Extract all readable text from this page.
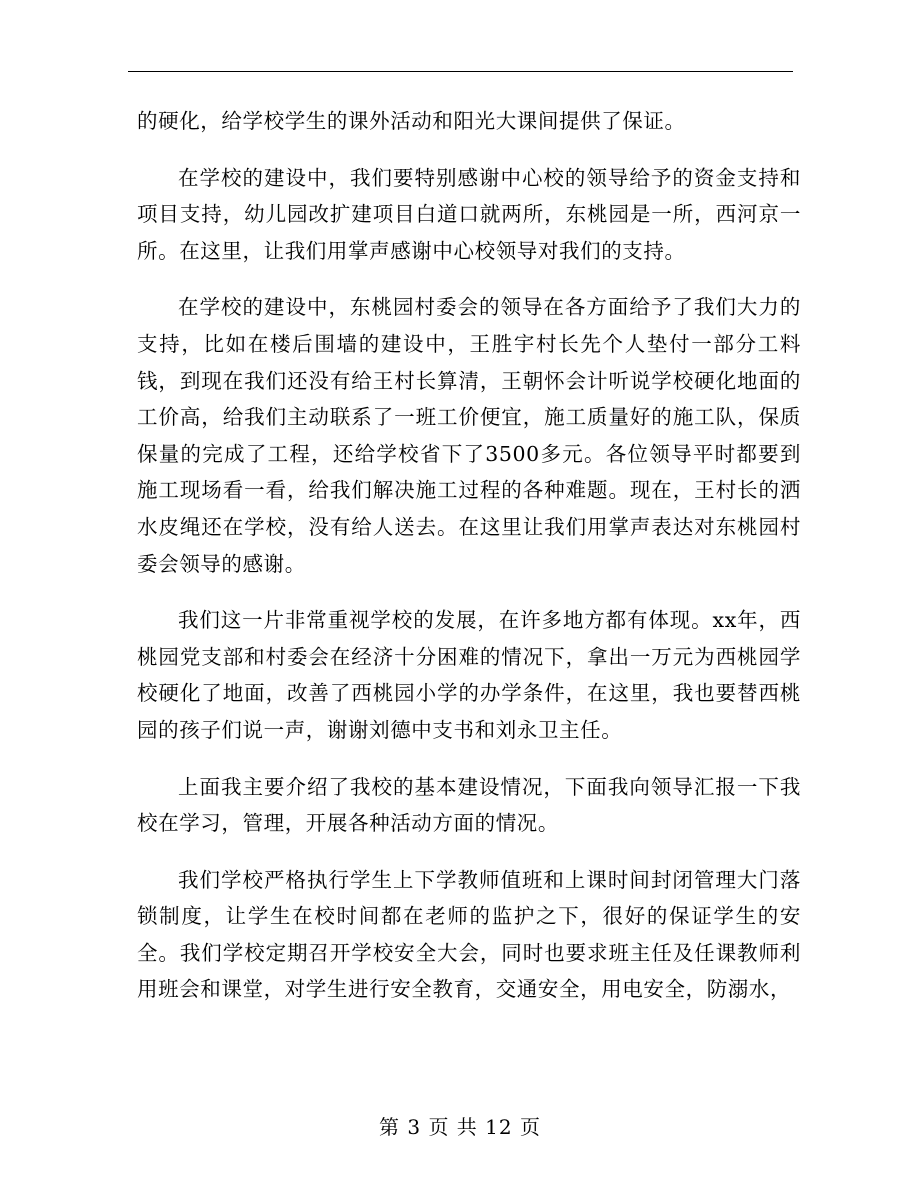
的硬化，给学校学生的课外活动和阳光大课间提供了保证。

在学校的建设中，我们要特别感谢中心校的领导给予的资金支持和项目支持，幼儿园改扩建项目白道口就两所，东桃园是一所，西河京一所。在这里，让我们用掌声感谢中心校领导对我们的支持。

在学校的建设中，东桃园村委会的领导在各方面给予了我们大力的支持，比如在楼后围墙的建设中，王胜宇村长先个人垫付一部分工料钱，到现在我们还没有给王村长算清，王朝怀会计听说学校硬化地面的工价高，给我们主动联系了一班工价便宜，施工质量好的施工队，保质保量的完成了工程，还给学校省下了3500多元。各位领导平时都要到施工现场看一看，给我们解决施工过程的各种难题。现在，王村长的洒水皮绳还在学校，没有给人送去。在这里让我们用掌声表达对东桃园村委会领导的感谢。

我们这一片非常重视学校的发展，在许多地方都有体现。xx年，西桃园党支部和村委会在经济十分困难的情况下，拿出一万元为西桃园学校硬化了地面，改善了西桃园小学的办学条件，在这里，我也要替西桃园的孩子们说一声，谢谢刘德中支书和刘永卫主任。

上面我主要介绍了我校的基本建设情况，下面我向领导汇报一下我校在学习，管理，开展各种活动方面的情况。

我们学校严格执行学生上下学教师值班和上课时间封闭管理大门落锁制度，让学生在校时间都在老师的监护之下，很好的保证学生的安全。我们学校定期召开学校安全大会，同时也要求班主任及任课教师利用班会和课堂，对学生进行安全教育，交通安全，用电安全，防溺水，

第 3 页 共 12 页
